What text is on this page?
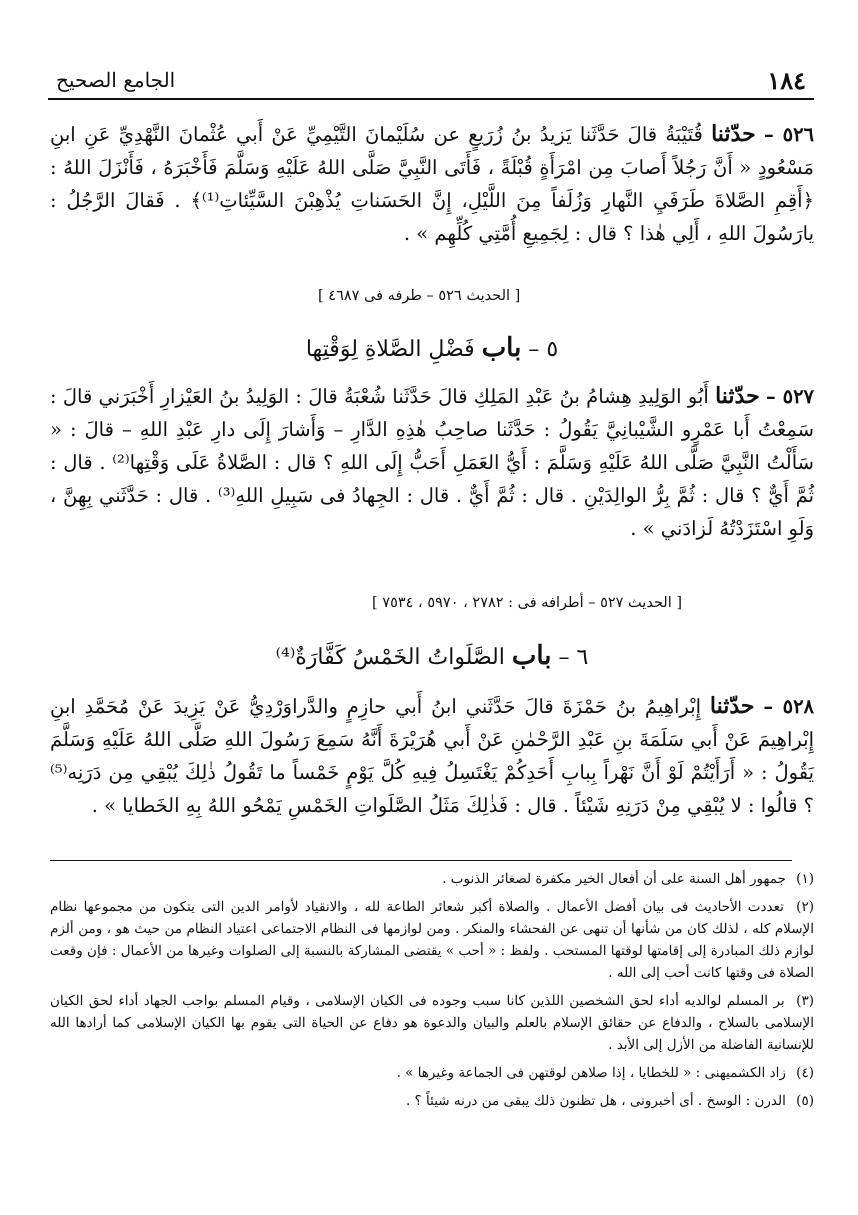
١٨٤
الجامع الصحيح
٥٢٦ – حدّثنا قُتَيْبَةُ قالَ حَدَّثَنا يَزيدُ بنُ زُرَيعٍ عن سُلَيْمانَ التَّيْمِيِّ عَنْ أَبي عُثْمانَ النَّهْدِيِّ عَنِ ابنِ مَسْعُودٍ « أَنَّ رَجُلاً أَصابَ مِن امْرَأَةٍ قُبْلَةً ، فَأَتَى النَّبِيَّ صَلَّى اللهُ عَلَيْهِ وَسَلَّمَ فَأَخْبَرَهُ ، فَأَنْزَلَ اللهُ : ﴿أَقِمِ الصَّلاةَ طَرَفَيِ النَّهارِ وَزُلَفاً مِنَ اللَّيْلِ، إِنَّ الحَسَناتِ يُذْهِبْنَ السَّيِّئاتِ⁽¹⁾﴾ . فَقالَ الرَّجُلُ : يارَسُولَ اللهِ ، أَلِي هٰذا ؟ قال : لِجَمِيعِ أُمَّتِي كُلِّهِم » .
[ الحديث ٥٢٦ – طرفه فى ٤٦٨٧ ]
٥ – باب فَضْلِ الصَّلاةِ لِوَقْتِها
٥٢٧ – حدّثنا أَبُو الوَلِيدِ هِشامُ بنُ عَبْدِ المَلِكِ قالَ حَدَّثَنا شُعْبَةُ قالَ : الوَلِيدُ بنُ العَيْزارِ أَخْبَرَني قالَ : سَمِعْتُ أَبا عَمْرٍو الشَّيْبانِيَّ يَقُولُ : حَدَّثَنا صاحِبُ هٰذِهِ الدَّارِ – وَأَشارَ إِلَى دارِ عَبْدِ اللهِ – قالَ : « سَأَلْتُ النَّبِيَّ صَلَّى اللهُ عَلَيْهِ وَسَلَّمَ : أَيُّ العَمَلِ أَحَبُّ إِلَى اللهِ ؟ قال : الصَّلاةُ عَلَى وَقْتِها⁽²⁾ . قال : ثُمَّ أَيٌّ ؟ قال : ثُمَّ بِرُّ الوالِدَيْنِ . قال : ثُمَّ أَيٌّ . قال : الجِهادُ فى سَبِيلِ اللهِ⁽³⁾ . قال : حَدَّثَني بِهِنَّ ، وَلَوِ اسْتَزَدْتُهُ لَزادَني » .
[ الحديث ٥٢٧ – أطرافه فى : ٢٧٨٢ ، ٥٩٧٠ ، ٧٥٣٤ ]
٦ – باب الصَّلَواتُ الخَمْسُ كَفَّارَةٌ⁽⁴⁾
٥٢٨ – حدّثنا إِبْراهِيمُ بنُ حَمْزَةَ قالَ حَدَّثَني ابنُ أَبي حازِمٍ والدَّراوَرْدِيُّ عَنْ يَزِيدَ عَنْ مُحَمَّدِ ابنِ إِبْراهِيمَ عَنْ أَبي سَلَمَةَ بنِ عَبْدِ الرَّحْمٰنِ عَنْ أَبي هُرَيْرَةَ أَنَّهُ سَمِعَ رَسُولَ اللهِ صَلَّى اللهُ عَلَيْهِ وَسَلَّمَ يَقُولُ : « أَرَأَيْتُمْ لَوْ أَنَّ نَهْراً بِبابِ أَحَدِكُمْ يَغْتَسِلُ فِيهِ كُلَّ يَوْمٍ خَمْساً ما تَقُولُ ذٰلِكَ يُبْقِي مِن دَرَنِه⁽⁵⁾ ؟ قالُوا : لا يُبْقِي مِنْ دَرَنِهِ شَيْئاً . قال : فَذٰلِكَ مَثَلُ الصَّلَواتِ الخَمْسِ يَمْحُو اللهُ بِهِ الخَطايا » .

(١) جمهور أهل السنة على أن أفعال الخير مكفرة لصغائر الذنوب .

(٢) تعددت الأحاديث فى بيان أفضل الأعمال . والصلاة أكبر شعائر الطاعة لله ، والانقياد لأوامر الدين التى يتكون من مجموعها نظام الإسلام كله ، لذلك كان من شأنها أن تنهى عن الفحشاء والمنكر . ومن لوازمها فى النظام الاجتماعى اعتياد النظام من حيث هو ، ومن ألزم لوازم ذلك المبادرة إلى إقامتها لوقتها المستحب . ولفظ : « أحب » يقتضى المشاركة بالنسبة إلى الصلوات وغيرها من الأعمال : فإن وقعت الصلاة فى وقتها كانت أحب إلى الله .

(٣) بر المسلم لوالديه أداء لحق الشخصين اللذين كانا سبب وجوده فى الكيان الإسلامى ، وقيام المسلم بواجب الجهاد أداء لحق الكيان الإسلامى بالسلاح ، والدفاع عن حقائق الإسلام بالعلم والبيان والدعوة هو دفاع عن الحياة التى يقوم بها الكيان الإسلامى كما أرادها الله للإنسانية الفاضلة من الأزل إلى الأبد .

(٤) زاد الكشميهنى : « للخطايا ، إذا صلاهن لوقتهن فى الجماعة وغيرها » .

(٥) الدرن : الوسخ . أى أخبرونى ، هل تظنون ذلك يبقى من درنه شيئاً ؟ .
